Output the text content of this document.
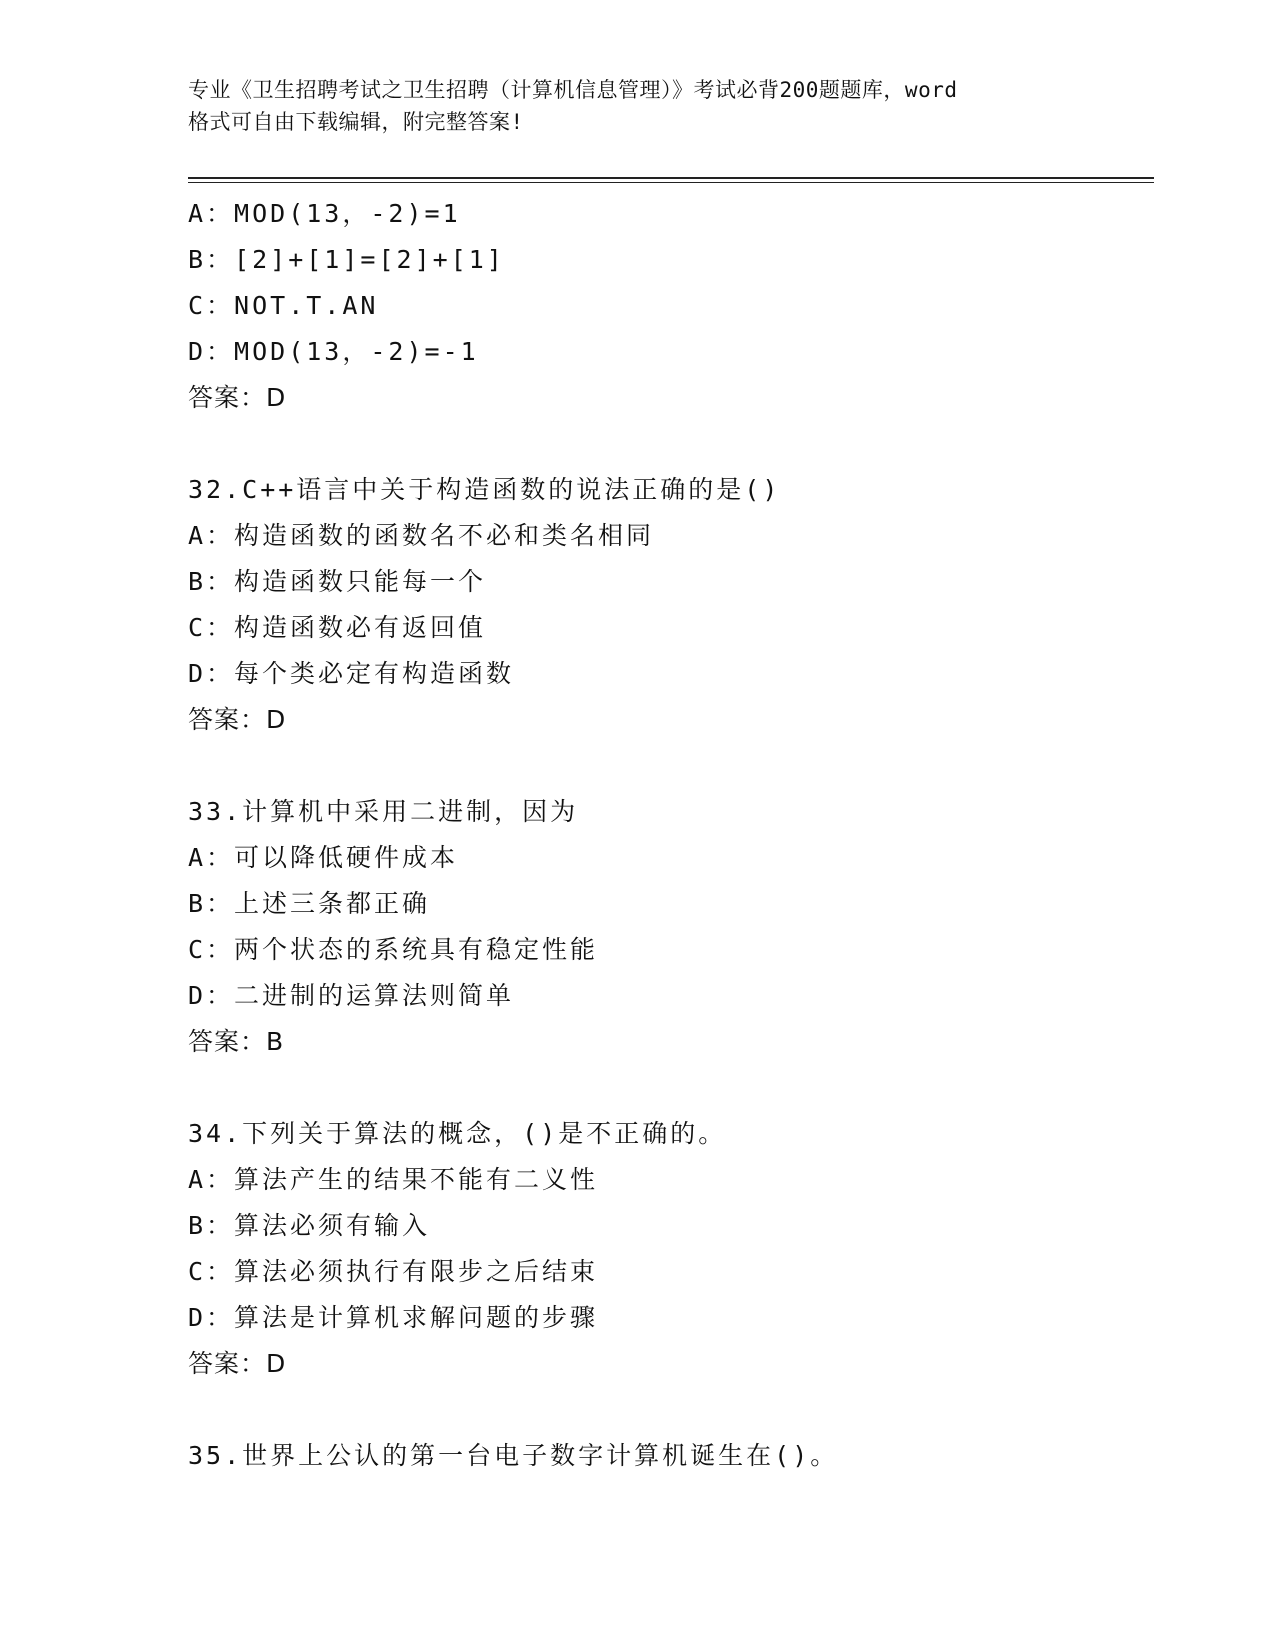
专业《卫生招聘考试之卫生招聘（计算机信息管理）》考试必背200题题库，word

格式可自由下载编辑，附完整答案!

A：MOD(13，-2)=1
B：[2]+[1]=[2]+[1]
C：NOT.T.AN
D：MOD(13，-2)=-1
答案：D
32.C++语言中关于构造函数的说法正确的是()
A：构造函数的函数名不必和类名相同
B：构造函数只能每一个
C：构造函数必有返回值
D：每个类必定有构造函数
答案：D
33.计算机中采用二进制，因为
A：可以降低硬件成本
B：上述三条都正确
C：两个状态的系统具有稳定性能
D：二进制的运算法则简单
答案：B
34.下列关于算法的概念，()是不正确的。
A：算法产生的结果不能有二义性
B：算法必须有输入
C：算法必须执行有限步之后结束
D：算法是计算机求解问题的步骤
答案：D
35.世界上公认的第一台电子数字计算机诞生在()。
